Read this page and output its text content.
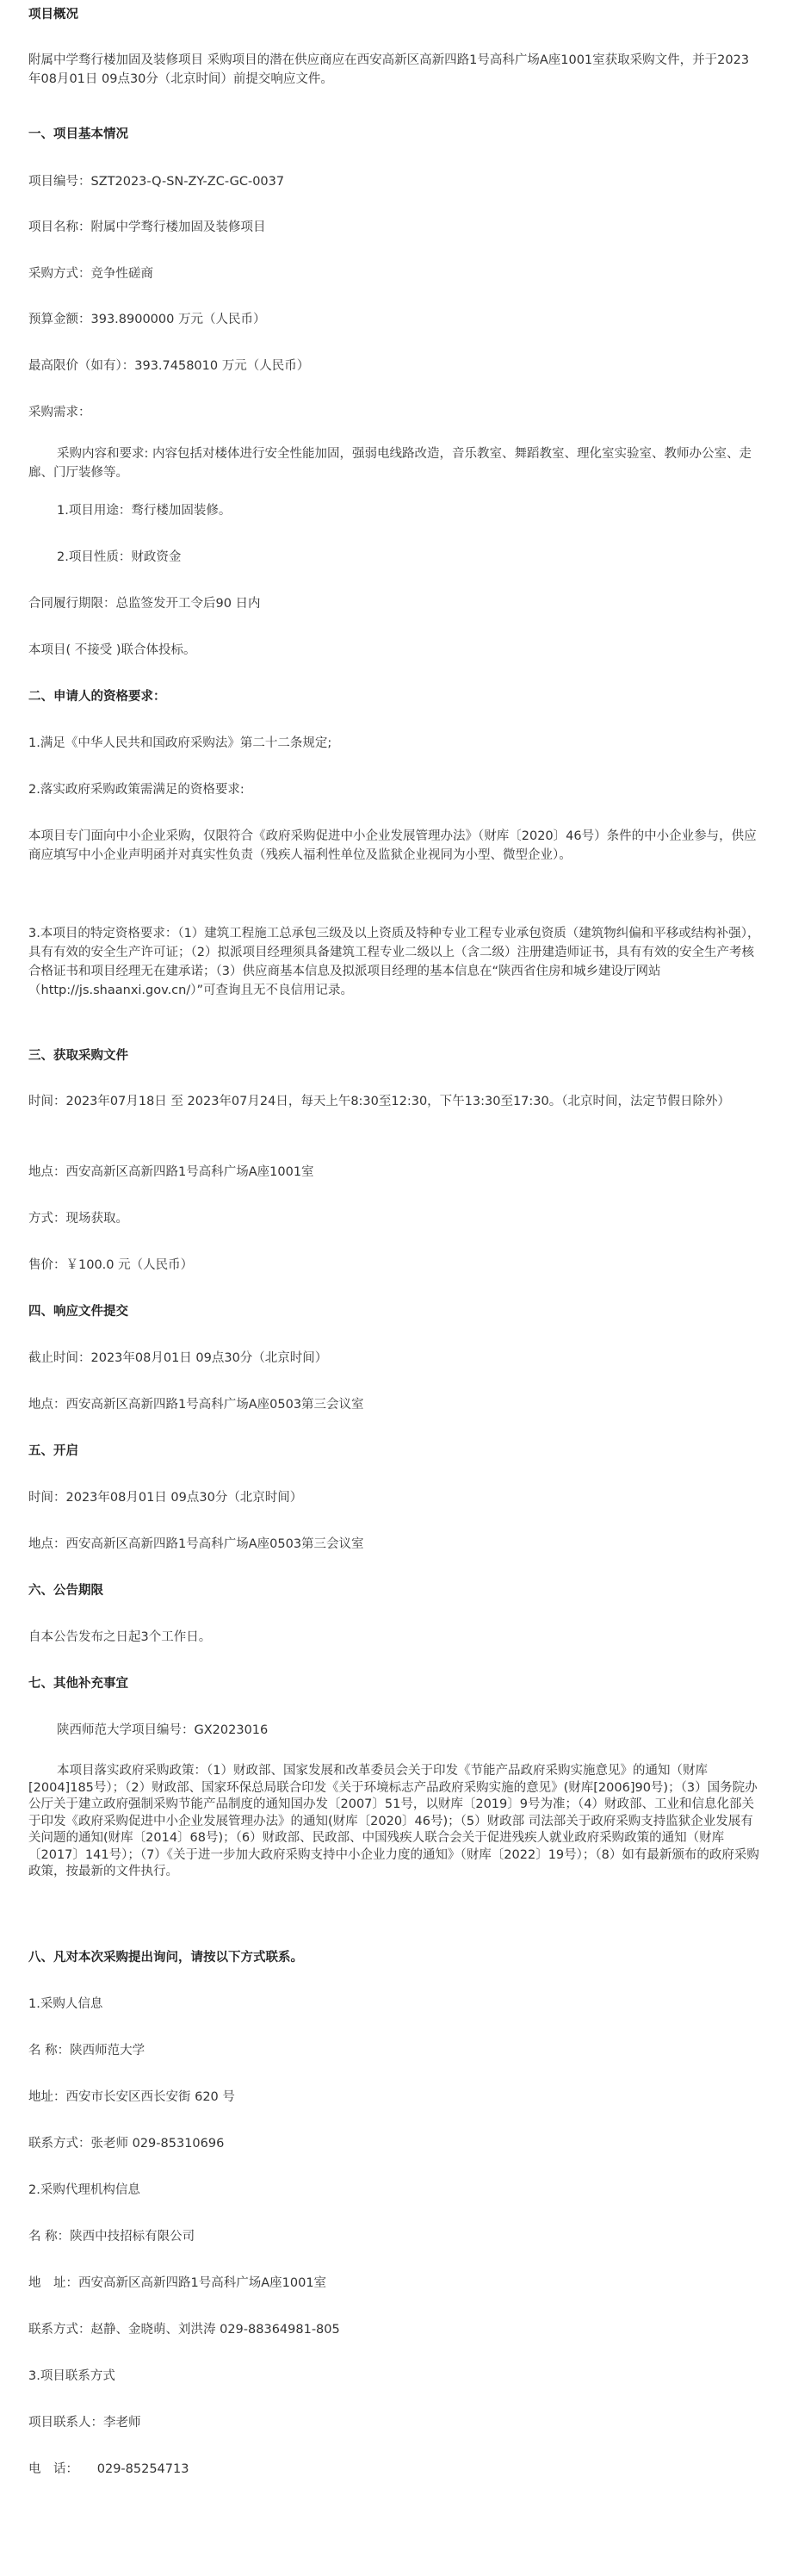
项目概况

附属中学骛行楼加固及装修项目 采购项目的潜在供应商应在西安高新区高新四路1号高科广场A座1001室获取采购文件，并于2023年08月01日 09点30分（北京时间）前提交响应文件。

一、项目基本情况

项目编号：SZT2023-Q-SN-ZY-ZC-GC-0037

项目名称：附属中学骛行楼加固及装修项目

采购方式：竞争性磋商

预算金额：393.8900000 万元（人民币）

最高限价（如有）：393.7458010 万元（人民币）

采购需求：

采购内容和要求: 内容包括对楼体进行安全性能加固，强弱电线路改造，音乐教室、舞蹈教室、理化室实验室、教师办公室、走廊、门厅装修等。

1.项目用途：骛行楼加固装修。

2.项目性质：财政资金

合同履行期限：总监签发开工令后90 日内

本项目( 不接受 )联合体投标。

二、申请人的资格要求：

1.满足《中华人民共和国政府采购法》第二十二条规定;

2.落实政府采购政策需满足的资格要求:

本项目专门面向中小企业采购，仅限符合《政府采购促进中小企业发展管理办法》（财库〔2020〕46号）条件的中小企业参与，供应商应填写中小企业声明函并对真实性负责（残疾人福利性单位及监狱企业视同为小型、微型企业）。

3.本项目的特定资格要求：（1）建筑工程施工总承包三级及以上资质及特种专业工程专业承包资质（建筑物纠偏和平移或结构补强），具有有效的安全生产许可证；（2）拟派项目经理须具备建筑工程专业二级以上（含二级）注册建造师证书，具有有效的安全生产考核合格证书和项目经理无在建承诺；（3）供应商基本信息及拟派项目经理的基本信息在“陕西省住房和城乡建设厅网站（http://js.shaanxi.gov.cn/）”可查询且无不良信用记录。

三、获取采购文件

时间：2023年07月18日 至 2023年07月24日，每天上午8:30至12:30，下午13:30至17:30。（北京时间，法定节假日除外）

地点：西安高新区高新四路1号高科广场A座1001室

方式：现场获取。

售价：￥100.0 元（人民币）

四、响应文件提交

截止时间：2023年08月01日 09点30分（北京时间）

地点：西安高新区高新四路1号高科广场A座0503第三会议室

五、开启

时间：2023年08月01日 09点30分（北京时间）

地点：西安高新区高新四路1号高科广场A座0503第三会议室

六、公告期限

自本公告发布之日起3个工作日。

七、其他补充事宜

陕西师范大学项目编号：GX2023016

本项目落实政府采购政策：（1）财政部、国家发展和改革委员会关于印发《节能产品政府采购实施意见》的通知（财库[2004]185号）；（2）财政部、国家环保总局联合印发《关于环境标志产品政府采购实施的意见》(财库[2006]90号)；（3）国务院办公厅关于建立政府强制采购节能产品制度的通知国办发〔2007〕51号，以财库〔2019〕9号为准；（4）财政部、工业和信息化部关于印发《政府采购促进中小企业发展管理办法》的通知(财库〔2020〕46号)；（5）财政部 司法部关于政府采购支持监狱企业发展有关问题的通知(财库〔2014〕68号)；（6）财政部、民政部、中国残疾人联合会关于促进残疾人就业政府采购政策的通知（财库〔2017〕141号）；（7）《关于进一步加大政府采购支持中小企业力度的通知》（财库〔2022〕19号）；（8）如有最新颁布的政府采购政策，按最新的文件执行。

八、凡对本次采购提出询问，请按以下方式联系。

1.采购人信息

名 称：陕西师范大学

地址：西安市长安区西长安街 620 号

联系方式：张老师 029-85310696

2.采购代理机构信息

名 称：陕西中技招标有限公司

地　址：西安高新区高新四路1号高科广场A座1001室

联系方式：赵静、金晓萌、刘洪涛 029-88364981-805

3.项目联系方式

项目联系人：李老师

电　话：　　029-85254713
